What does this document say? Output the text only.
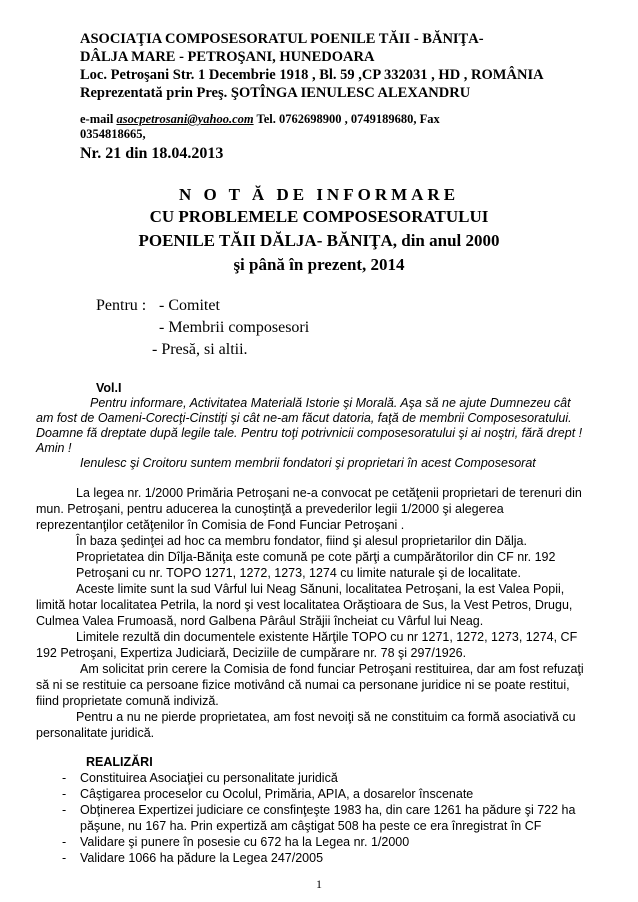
ASOCIAŢIA COMPOSESORATUL POENILE TĂII - BĂNIŢA-
DÂLJA MARE - PETROŞANI, HUNEDOARA
Loc. Petroşani Str. 1 Decembrie 1918 , Bl. 59 ,CP 332031 , HD , ROMÂNIA
Reprezentată prin Preş. ŞOTÎNGA IENULESC ALEXANDRU
e-mail asocpetrosani@yahoo.com Tel. 0762698900 , 0749189680, Fax
0354818665,
Nr. 21 din 18.04.2013
N O T Ă DE INFORMARE
CU PROBLEMELE COMPOSESORATULUI
POENILE TĂII DĂLJA- BĂNIŢA, din anul 2000
şi până în prezent, 2014
Pentru : - Comitet
- Membrii composesori
- Presă, si altii.
Vol.I
Pentru informare, Activitatea Materială Istorie şi Morală. Aşa să ne ajute Dumnezeu cât
am fost de Oameni-Corecţi-Cinstiţi şi cât ne-am făcut datoria, faţă de membrii Composesoratului.
Doamne fă dreptate după legile tale. Pentru toţi potrivnicii composesoratului şi ai noştri, fără drept !
Amin !
Ienulesc şi Croitoru suntem membrii fondatori şi proprietari în acest Composesorat
La legea nr. 1/2000 Primăria Petroşani ne-a convocat pe cetăţenii proprietari de terenuri din
mun. Petroşani, pentru aducerea la cunoştinţă a prevederilor legii 1/2000 şi alegerea
reprezentanţilor cetăţenilor în Comisia de Fond Funciar Petroşani .
În baza şedinţei ad hoc ca membru fondator, fiind şi alesul proprietarilor din Dălja.
Proprietatea din Dîlja-Băniţa este comună pe cote părţi a cumpărătorilor din CF nr. 192
Petroşani cu nr. TOPO 1271, 1272, 1273, 1274 cu limite naturale şi de localitate.
Aceste limite sunt la sud Vârful lui Neag Sănuni, localitatea Petroşani, la est Valea Popii,
limită hotar localitatea Petrila, la nord şi vest localitatea Orăştioara de Sus, la Vest Petros, Drugu,
Culmea Valea Frumoasă, nord Galbena Pârâul Străjii încheiat cu Vârful lui Neag.
Limitele rezultă din documentele existente Hărţile TOPO cu nr 1271, 1272, 1273, 1274, CF
192 Petroşani, Expertiza Judiciară, Deciziile de cumpărare nr. 78 şi 297/1926.
Am solicitat prin cerere la Comisia de fond funciar Petroşani restituirea, dar am fost refuzaţi
să ni se restituie ca persoane fizice motivând că numai ca personane juridice ni se poate restitui,
fiind proprietate comună indiviză.
Pentru a nu ne pierde proprietatea, am fost nevoiţi să ne constituim ca formă asociativă cu
personalitate juridică.
REALIZĂRI
- Constituirea Asociaţiei cu personalitate juridică
- Câştigarea proceselor cu Ocolul, Primăria, APIA, a dosarelor înscenate
- Obţinerea Expertizei judiciare ce consfinţeşte 1983 ha, din care 1261 ha pădure şi 722 ha
păşune, nu 167 ha. Prin expertiză am câştigat 508 ha peste ce era înregistrat în CF
- Validare şi punere în posesie cu 672 ha la Legea nr. 1/2000
- Validare 1066 ha pădure la Legea 247/2005
1
